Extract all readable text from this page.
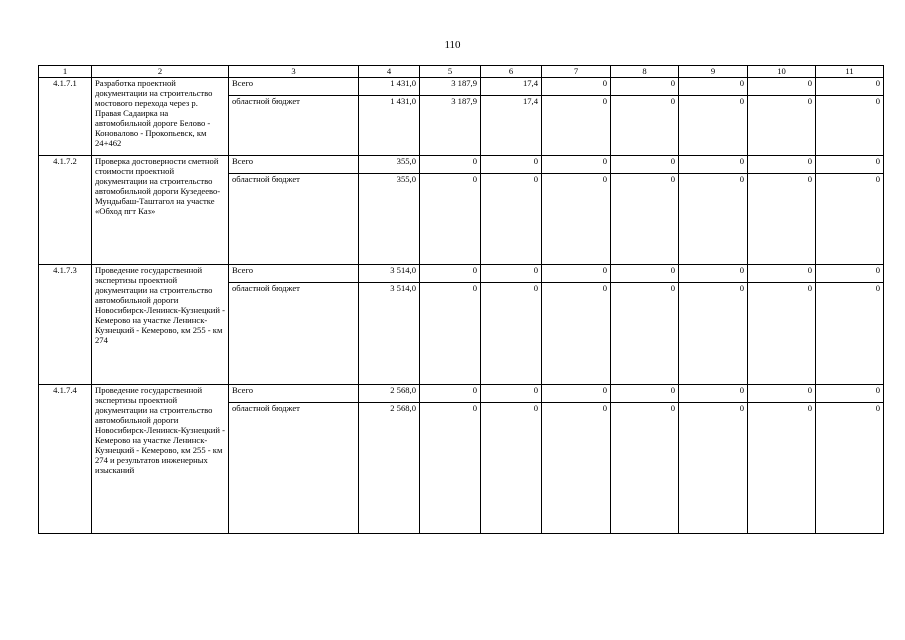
110
1	2	3	4	5	6	7	8	9	10	11
4.1.7.1	Разработка проектной документации на строительство мостового перехода через р. Правая Садаирка на автомобильной дороге Белово - Коновалово - Прокопьевск, км 24+462	Всего	1 431,0	3 187,9	17,4	0	0	0	0	0
		областной бюджет	1 431,0	3 187,9	17,4	0	0	0	0	0
4.1.7.2	Проверка достоверности сметной стоимости проектной документации на строительство автомобильной дороги Кузедеево-Мундыбаш-Таштагол на участке «Обход пгт Каз»	Всего	355,0	0	0	0	0	0	0	0
		областной бюджет	355,0	0	0	0	0	0	0	0
4.1.7.3	Проведение государственной экспертизы проектной документации на строительство автомобильной дороги Новосибирск-Ленинск-Кузнецкий - Кемерово на участке Ленинск-Кузнецкий - Кемерово, км 255 - км 274	Всего	3 514,0	0	0	0	0	0	0	0
		областной бюджет	3 514,0	0	0	0	0	0	0	0
4.1.7.4	Проведение государственной экспертизы проектной документации на строительство автомобильной дороги Новосибирск-Ленинск-Кузнецкий - Кемерово на участке Ленинск-Кузнецкий - Кемерово, км 255 - км 274 и результатов инженерных изысканий	Всего	2 568,0	0	0	0	0	0	0	0
		областной бюджет	2 568,0	0	0	0	0	0	0	0
